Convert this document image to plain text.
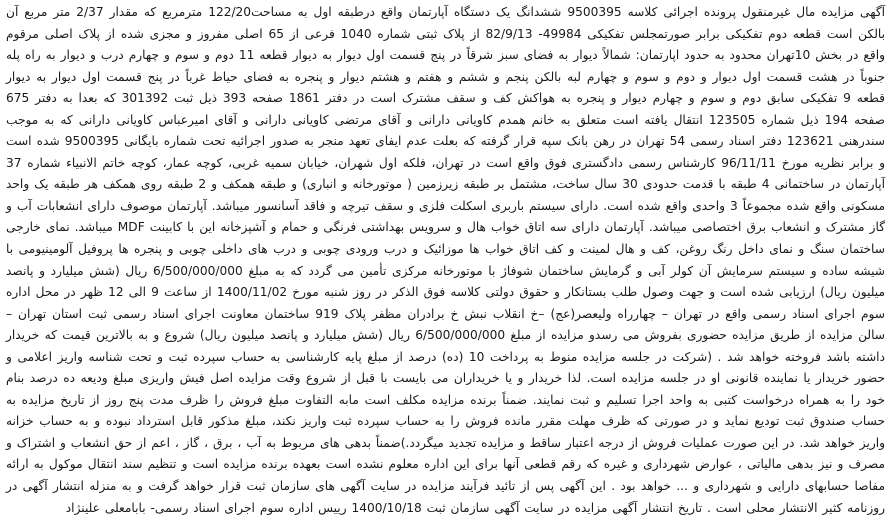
آگهی مزایده مال غیرمنقول پرونده اجرائی کلاسه 9500395 ششدانگ یک دستگاه آپارتمان واقع درطبقه اول به مساحت122/20 مترمربع که مقدار 2/37 متر مربع آن بالکن است قطعه دوم تفکیکی برابر صورتمجلس تفکیکی 49984- 82/9/13 از پلاک ثبتی شماره 1040 فرعی از 65 اصلی مفروز و مجزی شده از پلاک اصلی مرقوم واقع در بخش 10تهران محدود به حدود اپارتمان: شمالاً دیوار به فضای سبز شرقاً در پنج قسمت اول دیوار به دیوار قطعه 11 دوم و سوم و چهارم درب و دیوار به راه پله جنوباً در هشت قسمت اول دیوار و دوم و سوم و چهارم لبه بالکن پنجم و ششم و هفتم و هشتم دیوار و پنجره به فضای حیاط غرباً در پنج قسمت اول دیوار به دیوار قطعه 9 تفکیکی سابق دوم و سوم و چهارم دیوار و پنجره به هواکش کف و سقف مشترک است در دفتر 1861 صفحه 393 ذیل ثبت 301392 که بعدا به دفتر 675 صفحه 194 ذیل شماره 123505 انتقال یافته است متعلق به خانم همدم کاویانی دارانی و آقای مرتضی کاویانی دارانی و آقای امیرعباس کاویانی دارانی که به موجب سندرهنی 123621 دفتر اسناد رسمی 54 تهران در رهن بانک سپه قرار گرفته که بعلت عدم ایفای تعهد منجر به صدور اجرائیه تحت شماره بایگانی 9500395 شده است و برابر نظریه مورخ 96/11/11 کارشناس رسمی دادگستری فوق واقع است در تهران، فلکه اول شهران، خیابان سمیه غربی، کوچه عمار، کوچه خاتم الانبیاء شماره 37 آپارتمان در ساختمانی 4 طبقه با قدمت حدودی 30 سال ساخت، مشتمل بر طبقه زیرزمین ( موتورخانه و انباری) و طبقه همکف و 2 طبقه روی همکف هر طبقه یک واحد مسکونی واقع شده مجموعاً 3 واحدی واقع شده است. دارای سیستم باربری اسکلت فلزی و سقف تیرچه و فاقد آسانسور میباشد. آپارتمان موصوف دارای انشعابات آب و گاز مشترک و انشعاب برق اختصاصی میباشد. آپارتمان دارای سه اتاق خواب هال و سرویس بهداشتی فرنگی و حمام و آشپزخانه این با کابینت MDF میباشد. نمای خارجی ساختمان سنگ و نمای داخل رنگ روغن، کف و هال لمینت و کف اتاق خواب ها موزائیک و درب ورودی چوبی و درب های داخلی چوبی و پنجره ها پروفیل آلومینیومی با شیشه ساده و سیستم سرمایش آن کولر آبی و گرمایش ساختمان شوفاژ با موتورخانه مرکزی تأمین می گردد که به مبلغ 6/500/000/000 ریال (شش میلیارد و پانصد میلیون ریال) ارزیابی شده است و جهت وصول طلب بستانکار و حقوق دولتی کلاسه فوق الذکر در روز شنبه مورخ 1400/11/02 از ساعت 9 الی 12 ظهر در محل اداره سوم اجرای اسناد رسمی واقع در تهران – چهارراه ولیعصر(عج) –خ انقلاب نبش خ برادران مظفر پلاک 919 ساختمان معاونت اجرای اسناد رسمی ثبت استان تهران – سالن مزایده از طریق مزایده حضوری بفروش می رسدو مزایده از مبلغ 6/500/000/000 ریال (شش میلیارد و پانصد میلیون ریال) شروع و به بالاترین قیمت که خریدار داشته باشد فروخته خواهد شد . (شرکت در جلسه مزایده منوط به پرداخت 10 (ده) درصد از مبلغ پایه کارشناسی به حساب سپرده ثبت و تحت شناسه واریز اعلامی و حضور خریدار یا نماینده قانونی او در جلسه مزایده است. لذا خریدار و یا خریداران می بایست با قبل از شروع وقت مزایده اصل فیش واریزی مبلغ ودیعه ده درصد بنام خود را به همراه درخواست کتبی به واحد اجرا تسلیم و ثبت نمایند. ضمناً برنده مزایده مکلف است مابه التفاوت مبلغ فروش را ظرف مدت پنج روز از تاریخ مزایده به حساب صندوق ثبت تودیع نماید و در صورتی که ظرف مهلت مقرر مانده فروش را به حساب سپرده ثبت واریز نکند، مبلغ مذکور قابل استرداد نبوده و به حساب خزانه واریز خواهد شد. در این صورت عملیات فروش از درجه اعتبار ساقط و مزایده تجدید میگردد.)ضمناً بدهی های مربوط به آب ، برق ، گاز ، اعم از حق انشعاب و اشتراک و مصرف و نیز بدهی مالیاتی ، عوارض شهرداری و غیره که رقم قطعی آنها برای این اداره معلوم نشده است بعهده برنده مزایده است و تنظیم سند انتقال موکول به ارائه مفاصا حسابهای دارایی و شهرداری و ... خواهد بود . این آگهی پس از تائید فرآیند مزایده در سایت آگهی های سازمان ثبت قرار خواهد گرفت و به منزله انتشار آگهی در روزنامه کثیر الانتشار محلی است . تاریخ انتشار آگهی مزایده در سایت آگهی سازمان ثبت 1400/10/18 رییس اداره سوم اجرای اسناد رسمی- بابامعلی علینژاد
